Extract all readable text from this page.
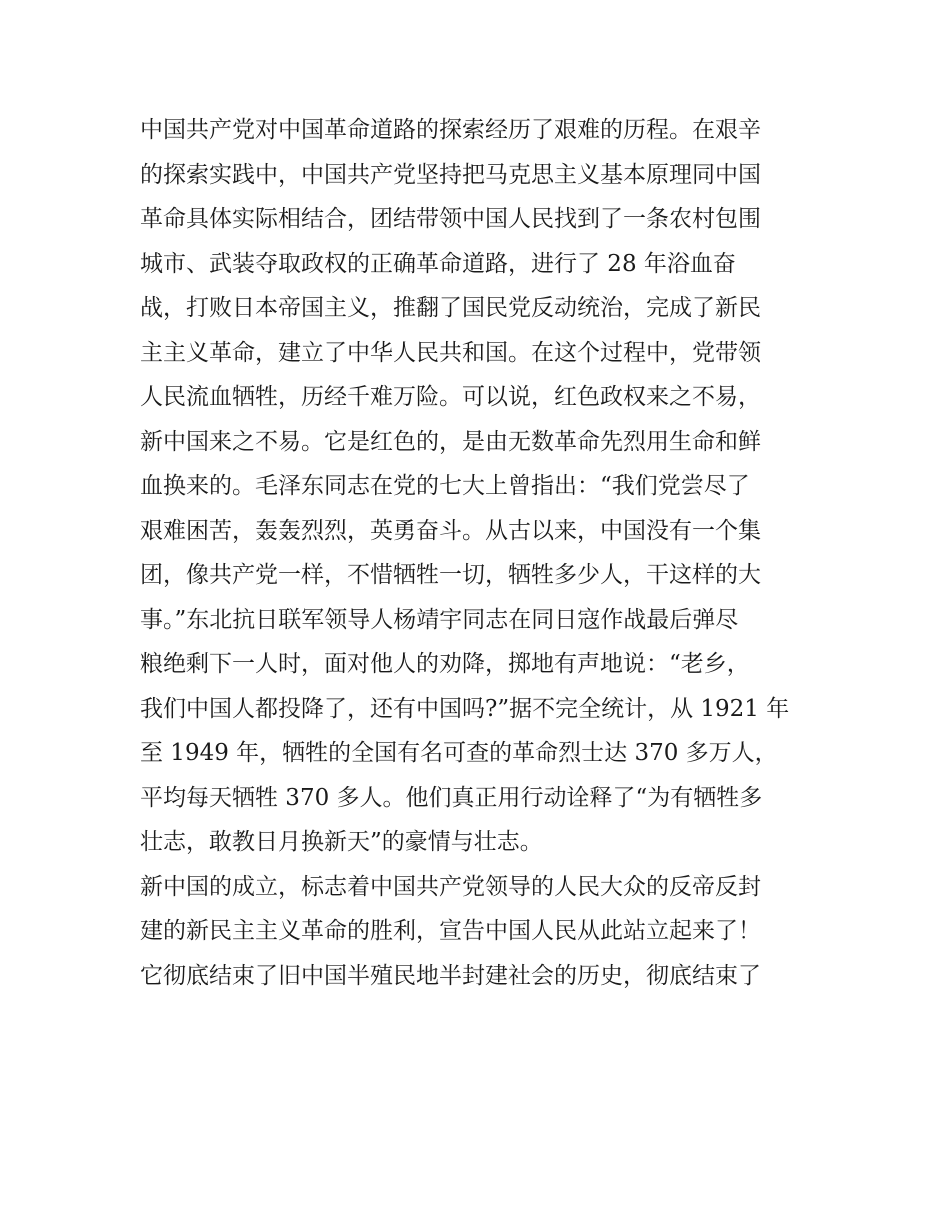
中国共产党对中国革命道路的探索经历了艰难的历程。在艰辛
的探索实践中，中国共产党坚持把马克思主义基本原理同中国
革命具体实际相结合，团结带领中国人民找到了一条农村包围
城市、武装夺取政权的正确革命道路，进行了 28 年浴血奋
战，打败日本帝国主义，推翻了国民党反动统治，完成了新民
主主义革命，建立了中华人民共和国。在这个过程中，党带领
人民流血牺牲，历经千难万险。可以说，红色政权来之不易，
新中国来之不易。它是红色的，是由无数革命先烈用生命和鲜
血换来的。毛泽东同志在党的七大上曾指出：“我们党尝尽了
艰难困苦，轰轰烈烈，英勇奋斗。从古以来，中国没有一个集
团，像共产党一样，不惜牺牲一切，牺牲多少人，干这样的大
事。”东北抗日联军领导人杨靖宇同志在同日寇作战最后弹尽
粮绝剩下一人时，面对他人的劝降，掷地有声地说：“老乡，
我们中国人都投降了，还有中国吗?”据不完全统计，从 1921 年
至 1949 年，牺牲的全国有名可查的革命烈士达 370 多万人，
平均每天牺牲 370 多人。他们真正用行动诠释了“为有牺牲多
壮志，敢教日月换新天”的豪情与壮志。
新中国的成立，标志着中国共产党领导的人民大众的反帝反封
建的新民主主义革命的胜利，宣告中国人民从此站立起来了！
它彻底结束了旧中国半殖民地半封建社会的历史，彻底结束了
